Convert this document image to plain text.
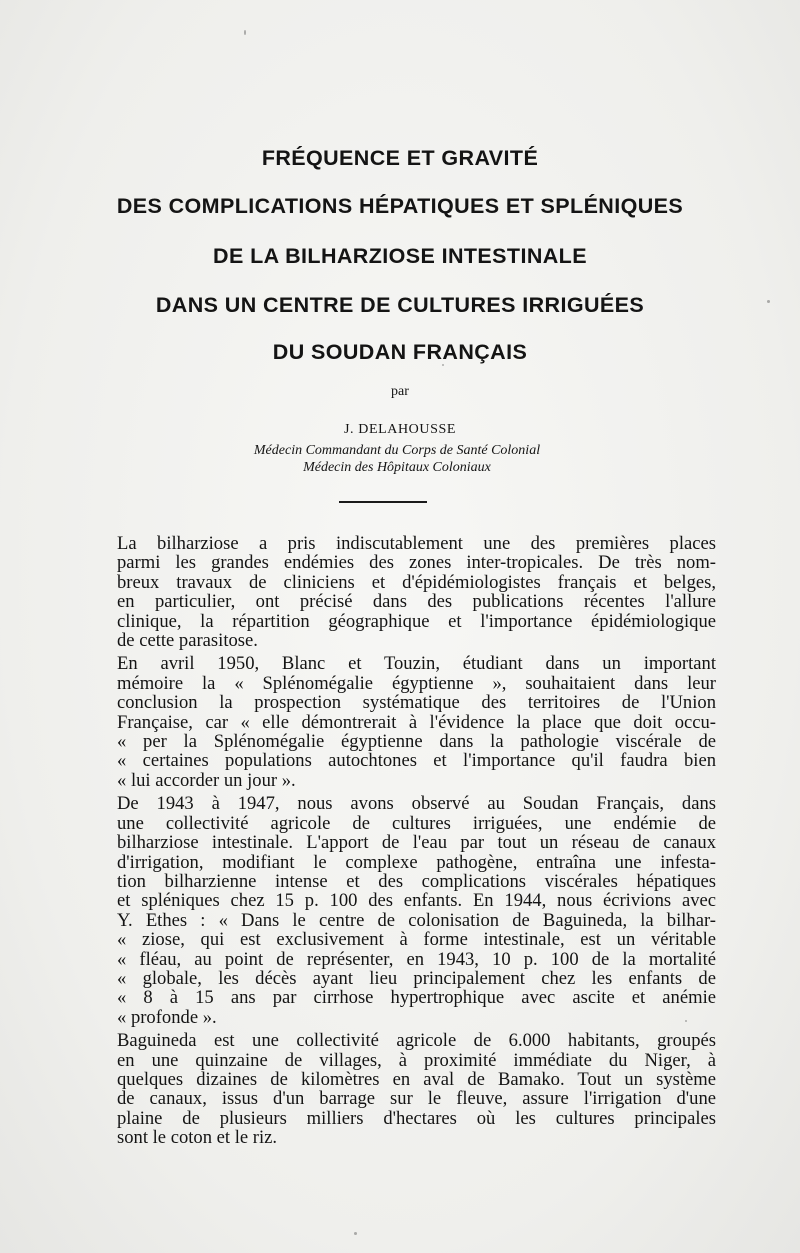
FRÉQUENCE ET GRAVITÉ
DES COMPLICATIONS HÉPATIQUES ET SPLÉNIQUES
DE LA BILHARZIOSE INTESTINALE
DANS UN CENTRE DE CULTURES IRRIGUÉES
DU SOUDAN FRANÇAIS

par

J. DELAHOUSSE

Médecin Commandant du Corps de Santé Colonial

Médecin des Hôpitaux Coloniaux

La bilharziose a pris indiscutablement une des premières places
parmi les grandes endémies des zones inter-tropicales. De très nom-
breux travaux de cliniciens et d'épidémiologistes français et belges,
en particulier, ont précisé dans des publications récentes l'allure
clinique, la répartition géographique et l'importance épidémiologique
de cette parasitose.

En avril 1950, Blanc et Touzin, étudiant dans un important
mémoire la « Splénomégalie égyptienne », souhaitaient dans leur
conclusion la prospection systématique des territoires de l'Union
Française, car « elle démontrerait à l'évidence la place que doit occu-
« per la Splénomégalie égyptienne dans la pathologie viscérale de
« certaines populations autochtones et l'importance qu'il faudra bien
« lui accorder un jour ».

De 1943 à 1947, nous avons observé au Soudan Français, dans
une collectivité agricole de cultures irriguées, une endémie de
bilharziose intestinale. L'apport de l'eau par tout un réseau de canaux
d'irrigation, modifiant le complexe pathogène, entraîna une infesta-
tion bilharzienne intense et des complications viscérales hépatiques
et spléniques chez 15 p. 100 des enfants. En 1944, nous écrivions avec
Y. Ethes : « Dans le centre de colonisation de Baguineda, la bilhar-
« ziose, qui est exclusivement à forme intestinale, est un véritable
« fléau, au point de représenter, en 1943, 10 p. 100 de la mortalité
« globale, les décès ayant lieu principalement chez les enfants de
« 8 à 15 ans par cirrhose hypertrophique avec ascite et anémie
« profonde ».

Baguineda est une collectivité agricole de 6.000 habitants, groupés
en une quinzaine de villages, à proximité immédiate du Niger, à
quelques dizaines de kilomètres en aval de Bamako. Tout un système
de canaux, issus d'un barrage sur le fleuve, assure l'irrigation d'une
plaine de plusieurs milliers d'hectares où les cultures principales
sont le coton et le riz.
